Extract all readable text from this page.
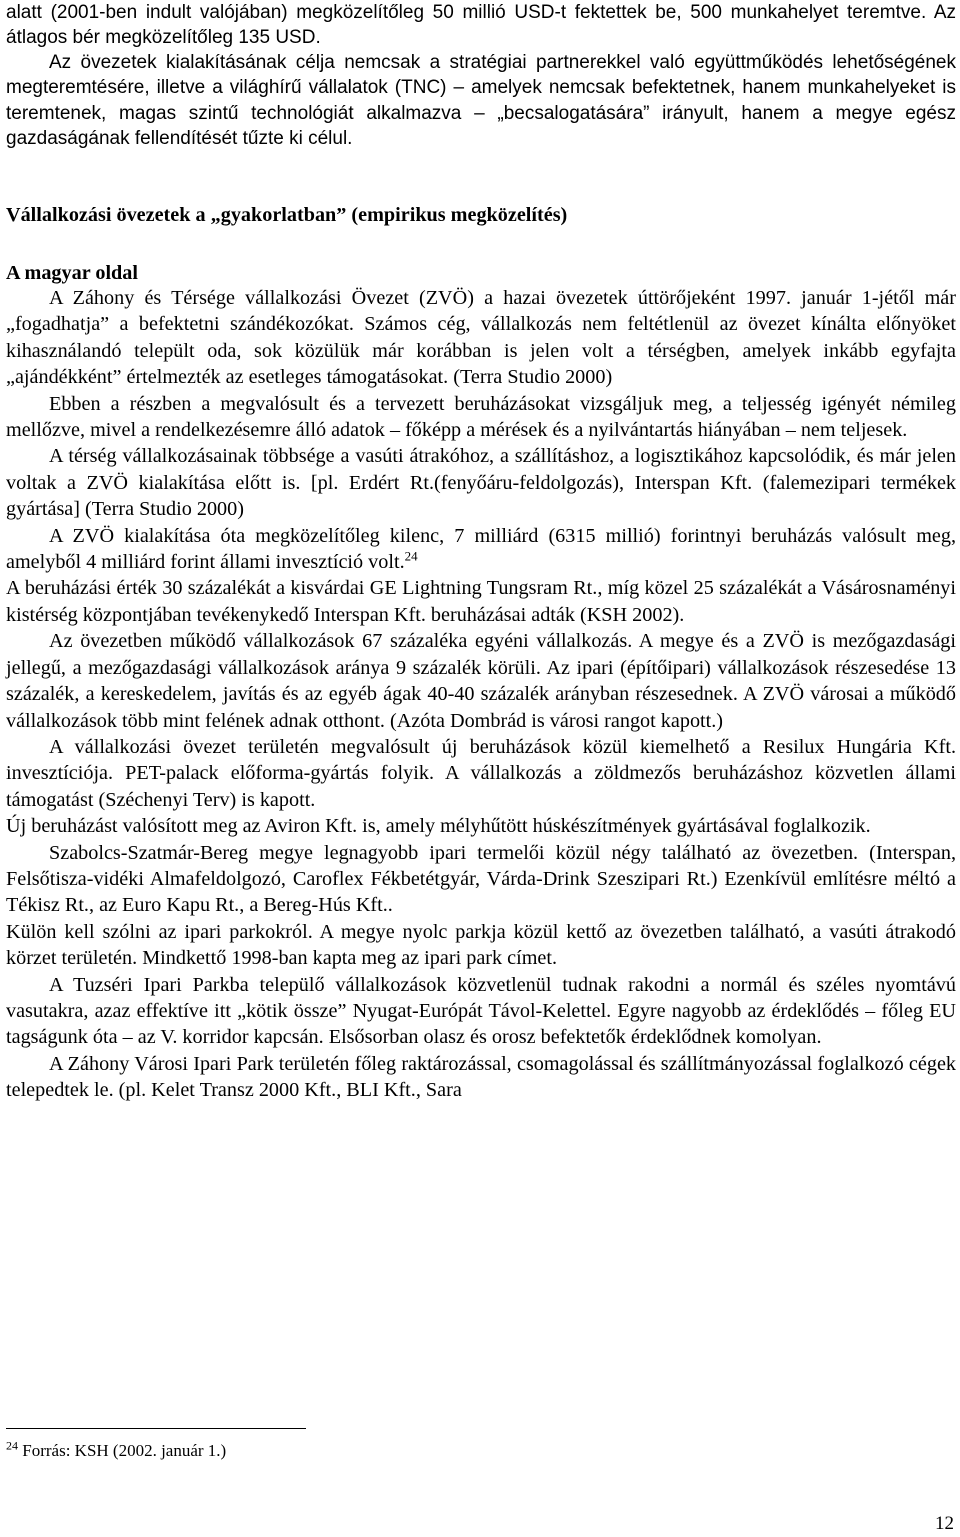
alatt (2001-ben indult valójában) megközelítőleg 50 millió USD-t fektettek be, 500 munkahelyet teremtve. Az átlagos bér megközelítőleg 135 USD.

Az övezetek kialakításának célja nemcsak a stratégiai partnerekkel való együttműködés lehetőségének megteremtésére, illetve a világhírű vállalatok (TNC) – amelyek nemcsak befektetnek, hanem munkahelyeket is teremtenek, magas szintű technológiát alkalmazva – „becsalogatására” irányult, hanem a megye egész gazdaságának fellendítését tűzte ki célul.

Vállalkozási övezetek a „gyakorlatban” (empirikus megközelítés)
A magyar oldal

A Záhony és Térsége vállalkozási Övezet (ZVÖ) a hazai övezetek úttörőjeként 1997. január 1-jétől már „fogadhatja” a befektetni szándékozókat. Számos cég, vállalkozás nem feltétlenül az övezet kínálta előnyöket kihasználandó települt oda, sok közülük már korábban is jelen volt a térségben, amelyek inkább egyfajta „ajándékként” értelmezték az esetleges támogatásokat. (Terra Studio 2000)

Ebben a részben a megvalósult és a tervezett beruházásokat vizsgáljuk meg, a teljesség igényét némileg mellőzve, mivel a rendelkezésemre álló adatok – főképp a mérések és a nyilvántartás hiányában – nem teljesek.

A térség vállalkozásainak többsége a vasúti átrakóhoz, a szállításhoz, a logisztikához kapcsolódik, és már jelen voltak a ZVÖ kialakítása előtt is. [pl. Erdért Rt.(fenyőáru-feldolgozás), Interspan Kft. (falemezipari termékek gyártása] (Terra Studio 2000)

A ZVÖ kialakítása óta megközelítőleg kilenc, 7 milliárd (6315 millió) forintnyi beruházás valósult meg, amelyből 4 milliárd forint állami invesztíció volt.$^{24}$

A beruházási érték 30 százalékát a kisvárdai GE Lightning Tungsram Rt., míg közel 25 százalékát a Vásárosnaményi kistérség központjában tevékenykedő Interspan Kft. beruházásai adták (KSH 2002).

Az övezetben működő vállalkozások 67 százaléka egyéni vállalkozás. A megye és a ZVÖ is mezőgazdasági jellegű, a mezőgazdasági vállalkozások aránya 9 százalék körüli. Az ipari (építőipari) vállalkozások részesedése 13 százalék, a kereskedelem, javítás és az egyéb ágak 40-40 százalék arányban részesednek. A ZVÖ városai a működő vállalkozások több mint felének adnak otthont. (Azóta Dombrád is városi rangot kapott.)

A vállalkozási övezet területén megvalósult új beruházások közül kiemelhető a Resilux Hungária Kft. invesztíciója. PET-palack előforma-gyártás folyik. A vállalkozás a zöldmezős beruházáshoz közvetlen állami támogatást (Széchenyi Terv) is kapott.

Új beruházást valósított meg az Aviron Kft. is, amely mélyhűtött húskészítmények gyártásával foglalkozik.

Szabolcs-Szatmár-Bereg megye legnagyobb ipari termelői közül négy található az övezetben. (Interspan, Felsőtisza-vidéki Almafeldolgozó, Caroflex Fékbetétgyár, Várda-Drink Szeszipari Rt.) Ezenkívül említésre méltó a Tékisz Rt., az Euro Kapu Rt., a Bereg-Hús Kft..

Külön kell szólni az ipari parkokról. A megye nyolc parkja közül kettő az övezetben található, a vasúti átrakodó körzet területén. Mindkettő 1998-ban kapta meg az ipari park címet.

A Tuzséri Ipari Parkba települő vállalkozások közvetlenül tudnak rakodni a normál és széles nyomtávú vasutakra, azaz effektíve itt „kötik össze” Nyugat-Európát Távol-Kelettel. Egyre nagyobb az érdeklődés – főleg EU tagságunk óta – az V. korridor kapcsán. Elsősorban olasz és orosz befektetők érdeklődnek komolyan.

A Záhony Városi Ipari Park területén főleg raktározással, csomagolással és szállítmányozással foglalkozó cégek telepedtek le. (pl. Kelet Transz 2000 Kft., BLI Kft., Sara

$^{24}$ Forrás: KSH (2002. január 1.)
12
